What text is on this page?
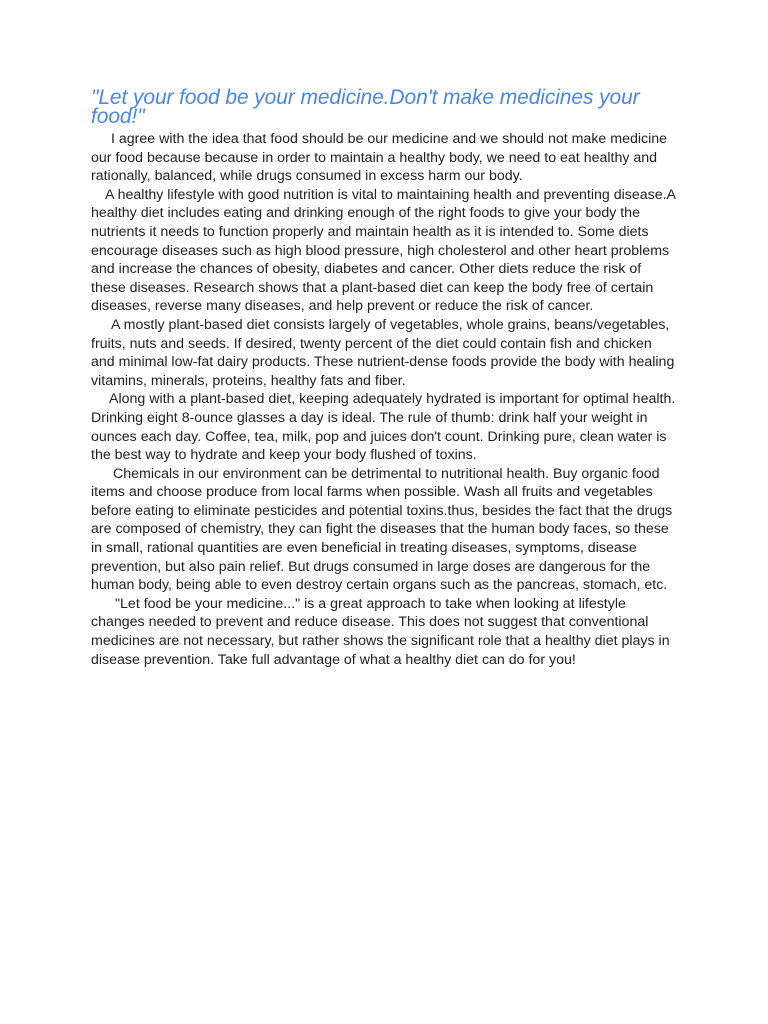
"Let your food be your medicine.Don't make medicines your food!"

I agree with the idea that food should be our medicine and we should not make medicine our food because because in order to maintain a healthy body, we need to eat healthy and rationally, balanced, while drugs consumed in excess harm our body.

A healthy lifestyle with good nutrition is vital to maintaining health and preventing disease.A healthy diet includes eating and drinking enough of the right foods to give your body the nutrients it needs to function properly and maintain health as it is intended to. Some diets encourage diseases such as high blood pressure, high cholesterol and other heart problems and increase the chances of obesity, diabetes and cancer. Other diets reduce the risk of these diseases. Research shows that a plant-based diet can keep the body free of certain diseases, reverse many diseases, and help prevent or reduce the risk of cancer.

A mostly plant-based diet consists largely of vegetables, whole grains, beans/vegetables, fruits, nuts and seeds. If desired, twenty percent of the diet could contain fish and chicken and minimal low-fat dairy products. These nutrient-dense foods provide the body with healing vitamins, minerals, proteins, healthy fats and fiber.

Along with a plant-based diet, keeping adequately hydrated is important for optimal health. Drinking eight 8-ounce glasses a day is ideal. The rule of thumb: drink half your weight in ounces each day. Coffee, tea, milk, pop and juices don't count. Drinking pure, clean water is the best way to hydrate and keep your body flushed of toxins.

Chemicals in our environment can be detrimental to nutritional health. Buy organic food items and choose produce from local farms when possible. Wash all fruits and vegetables before eating to eliminate pesticides and potential toxins.thus, besides the fact that the drugs are composed of chemistry, they can fight the diseases that the human body faces, so these in small, rational quantities are even beneficial in treating diseases, symptoms, disease prevention, but also pain relief. But drugs consumed in large doses are dangerous for the human body, being able to even destroy certain organs such as the pancreas, stomach, etc.

"Let food be your medicine..." is a great approach to take when looking at lifestyle changes needed to prevent and reduce disease. This does not suggest that conventional medicines are not necessary, but rather shows the significant role that a healthy diet plays in disease prevention. Take full advantage of what a healthy diet can do for you!
